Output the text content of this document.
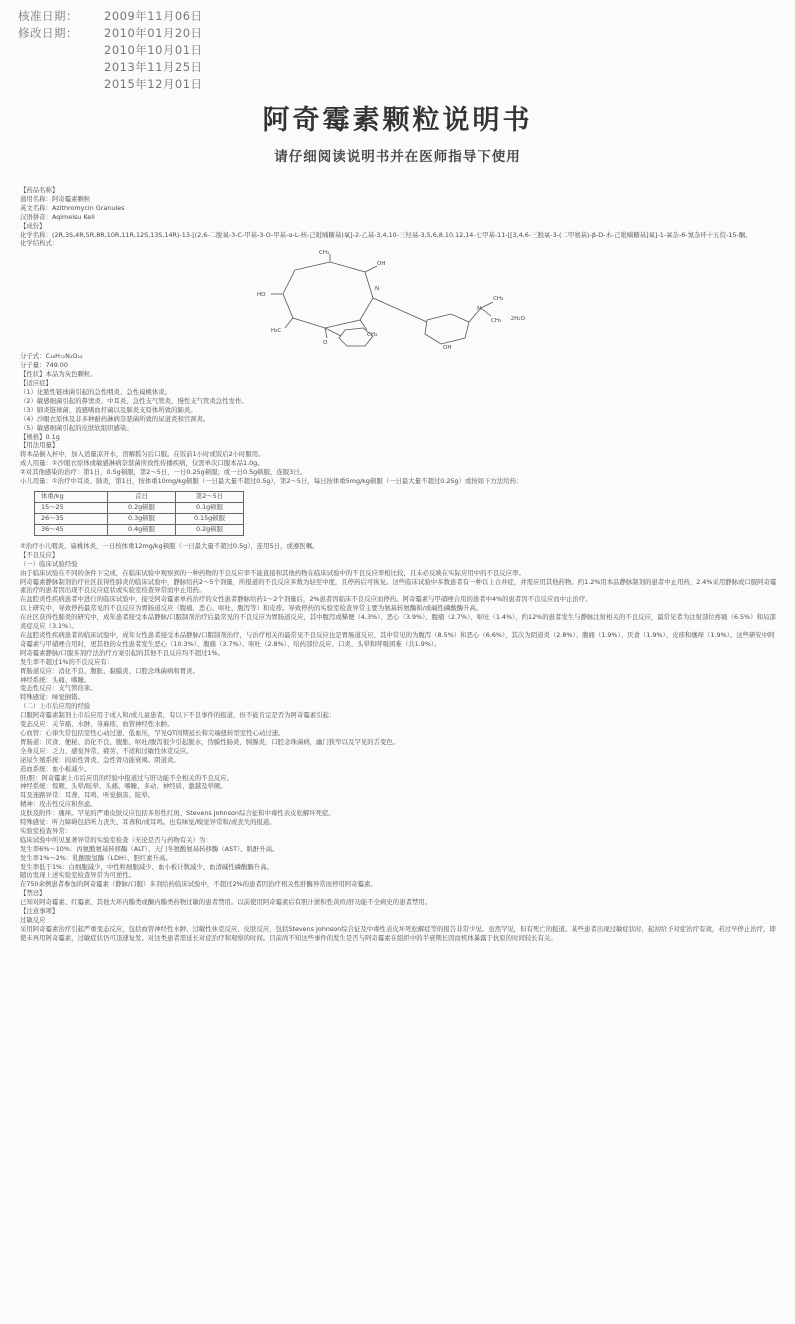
核准日期： 2009年11月06日
修改日期： 2010年01月20日
2010年10月01日
2013年11月25日
2015年12月01日
阿奇霉素颗粒说明书
请仔细阅读说明书并在医师指导下使用

【药品名称】

通用名称：阿奇霉素颗粒

英文名称：Azithromycin Granules

汉语拼音：Aqimeisu Keli

【成份】

化学名称：(2R,3S,4R,5R,8R,10R,11R,12S,13S,14R)-13-[(2,6-二脱氧-3-C-甲基-3-O-甲基-α-L-核-己吡喃糖基)氧]-2-乙基-3,4,10-三羟基-3,5,6,8,10,12,14-七甲基-11-[[3,4,6-三脱氧-3-(二甲氨基)-β-D-木-己吡喃糖基]氧]-1-氧杂-6-氮杂环十五烷-15-酮。

化学结构式：

CH₃
OH
HO
H₃C
CH₃
O
N
CH₃
CH₃
N
OH
·2H₂O

分子式：C₃₈H₇₂N₂O₁₂

分子量：749.00

【性状】本品为灰色颗粒。

【适应症】

（1）化脓性链球菌引起的急性咽炎、急性扁桃体炎。

（2）敏感细菌引起的鼻窦炎、中耳炎、急性支气管炎、慢性支气管炎急性发作。

（3）肺炎链球菌、流感嗜血杆菌以及肺炎支原体所致的肺炎。

（4）沙眼衣原体及非多种耐药淋病奈瑟菌所致的尿道炎和宫颈炎。

（5）敏感细菌引起的皮肤软组织感染。

【规格】0.1g

【用法用量】

将本品倒入杯中，加入适量凉开水，溶解摇匀后口服。在饭前1小时或饭后2小时服用。

成人用量：①沙眼衣原体或敏感淋病奈瑟菌所致性传播疾病，仅需单次口服本品1.0g。

②对其他感染的治疗：第1日，0.5g顿服，第2～5日，一日0.25g顿服；或一日0.5g顿服，连服3日。

小儿用量：①治疗中耳炎、肺炎，第1日，按体重10mg/kg顿服（一日最大量不超过0.5g），第2～5日，每日按体重5mg/kg顿服（一日最大量不超过0.25g）或按如下方法给药：

体重/kg	首日	第2～5日
15～25	0.2g顿服	0.1g顿服
26～35	0.3g顿服	0.15g顿服
36～45	0.4g顿服	0.2g顿服

②治疗小儿咽炎、扁桃体炎，一日按体重12mg/kg顿服（一日最大量不超过0.5g），连用5日，或遵医嘱。

【不良反应】

（一）临床试验经验

由于临床试验在不同的条件下完成，在临床试验中观察到的一种药物的不良反应率不能直接和其他药物在临床试验中的不良反应率相比较，且未必反映在实际应用中的不良反应率。

阿奇霉素静脉制剂治疗社区获得性肺炎的临床试验中，静脉给药2～5个剂量，所报道的不良反应多数为轻至中度，且停药后可恢复。这些临床试验中多数患者有一种以上合并症，并需应用其他药物。约1.2%用本品静脉制剂的患者中止用药，2.4%采用静脉或口服阿奇霉素治疗的患者因出现不良反应症状或实验室检查异常而中止用药。

在盆腔炎性疾病患者中进行的临床试验中，接受阿奇霉素单药治疗的女性患者静脉给药1～2个剂量后，2%患者因临床不良反应而停药。阿奇霉素与甲硝唑合用的患者中4%的患者因不良反应而中止治疗。

以上研究中，导致停药最常见的不良反应为胃肠道反应（腹痛、恶心、呕吐、腹泻等）和皮疹。导致停药的实验室检查异常主要为氨基转氨酶和/或碱性磷酸酶升高。

在社区获得性肺炎的研究中，成年患者接受本品静脉/口服制剂治疗后最常见的不良反应为胃肠道反应，其中腹泻或稀便（4.3%）、恶心（3.9%）、腹痛（2.7%）、呕吐（1.4%），约12%的患者发生与静脉注射相关的不良反应，最常见者为注射部位疼痛（6.5%）和局部炎症反应（3.1%）。

在盆腔炎性疾病患者的临床试验中，成年女性患者接受本品静脉/口服制剂治疗，与治疗相关的最常见不良反应也是胃肠道反应，其中常见的为腹泻（8.5%）和恶心（6.6%），其次为阴道炎（2.8%）、腹痛（1.9%）、厌食（1.9%）、皮疹和瘙痒（1.9%）。这些研究中阿奇霉素与甲硝唑合用时，更其他的女性患者发生恶心（10.3%）、腹痛（3.7%）、呕吐（2.8%）、给药部位反应、口炎、头晕和呼吸困难（共1.9%）。

阿奇霉素静脉/口服多剂疗法治疗方案引起的其他不良反应均不超过1%。

发生率不超过1%的不良反应有：

胃肠道反应：消化不良、腹胀、黏膜炎、口腔念珠菌病和胃炎。

神经系统：头痛、嗜睡。

变态性反应：支气管痉挛。

特殊感觉：味觉倒错。

（二）上市后应用的经验

口服阿奇霉素制剂上市后应用于成人和/或儿童患者，有以下不良事件的报道，但不能肯定是否为阿奇霉素引起：

变态反应：关节痛、水肿、荨麻疹、血管神经性水肿。

心血管：心律失常包括室性心动过速、低血压，罕见QT间期延长和尖端扭转型室性心动过速。

胃肠道：厌食、便秘、消化不良、腹胀、呕吐/腹泻很少引起脱水，伪膜性肠炎，胰腺炎，口腔念珠菌病，幽门狭窄以及罕见的舌变色。

全身反应：乏力、感觉异常、疲劳、不适和过敏性休克反应。

泌尿生殖系统：间质性肾炎、急性肾功能衰竭、阴道炎。

造血系统：血小板减少。

肝/胆：阿奇霉素上市后应用的经验中报道过与肝功能不全相关的不良反应。

神经系统：惊厥、头晕/眩晕、头痛、嗜睡、多动、神经质、激越及晕厥。

耳及迷路异常：耳聋、耳鸣、听觉损害、眩晕。

精神：攻击性反应和焦虑。

皮肤及附件：瘙痒。罕见的严重皮肤反应包括多形性红斑、Stevens Johnson综合征和中毒性表皮松解坏死症。

特殊感觉：听力障碍包括听力丧失、耳聋和/或耳鸣。也有味觉/嗅觉异常和/或丧失的报道。

实验室检查异常：

临床试验中所见显著异常的实验室检查（无论是否与药物有关）为：

发生率6%～10%：丙氨酸氨基转移酶（ALT）、天门冬氨酸氨基转移酶（AST）、肌酐升高。

发生率1%～2%：乳酸脱氢酶（LDH）、胆红素升高。

发生率低于1%：白细胞减少、中性粒细胞减少、血小板计数减少、血清碱性磷酸酶升高。

随访发现上述实验室检查异常为可逆性。

在750余例患者参加的阿奇霉素（静脉/口服）多剂给药临床试验中，不超过2%的患者因治疗相关性肝酶异常而停用阿奇霉素。

【禁忌】

已知对阿奇霉素、红霉素、其他大环内酯类或酮内酯类药物过敏的患者禁用。以前使用阿奇霉素后有胆汁淤积性黄疸/肝功能不全病史的患者禁用。

【注意事项】

过敏反应

采用阿奇霉素治疗引起严重变态反应，包括血管神经性水肿、过敏性休克反应、皮肤反应，包括Stevens Johnson综合征及中毒性表皮坏死松解症等的报告非常少见。虽然罕见，但有死亡的报道。某些患者出现过敏症状时，起初给予对症治疗有效，若过早停止治疗，即使未再用阿奇霉素，过敏症状仍可迅速复发。对这类患者需延长对症治疗和观察的时间。目前尚不知这些事件的发生是否与阿奇霉素在组织中的半衰期长因而机体暴露于抗原的时间较长有关。
